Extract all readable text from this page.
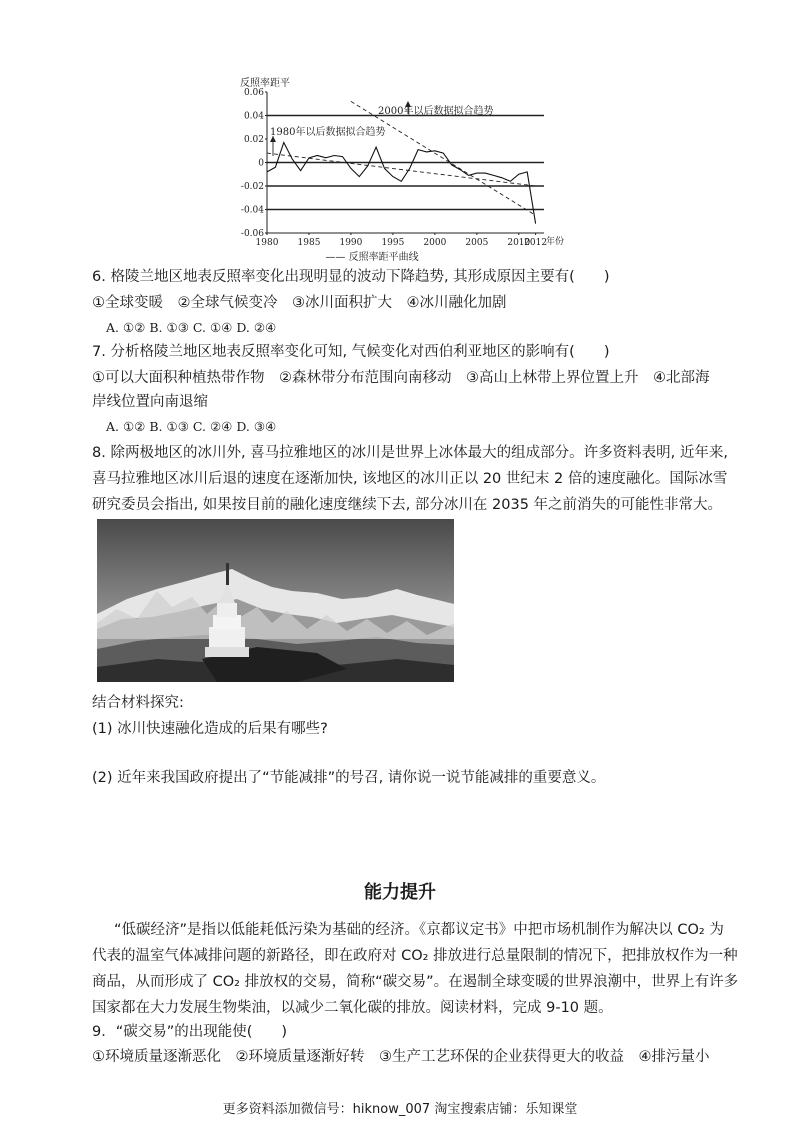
反照率距平
0.06
0.04
0.02
0
-0.02
-0.04
-0.06
1980 1985 1990 1995 2000 2005 2010
2012
年份
2000年以后数据拟合趋势
1980年以后数据拟合趋势
—— 反照率距平曲线
6. 格陵兰地区地表反照率变化出现明显的波动下降趋势, 其形成原因主要有(　　)
①全球变暖　②全球气候变冷　③冰川面积扩大　④冰川融化加剧
A. ①② B. ①③ C. ①④ D. ②④
7. 分析格陵兰地区地表反照率变化可知, 气候变化对西伯利亚地区的影响有(　　)
①可以大面积种植热带作物　②森林带分布范围向南移动　③高山上林带上界位置上升　④北部海
岸线位置向南退缩
A. ①② B. ①③ C. ②④ D. ③④
8. 除两极地区的冰川外, 喜马拉雅地区的冰川是世界上冰体最大的组成部分。许多资料表明, 近年来,
喜马拉雅地区冰川后退的速度在逐渐加快, 该地区的冰川正以 20 世纪末 2 倍的速度融化。国际冰雪
研究委员会指出, 如果按目前的融化速度继续下去, 部分冰川在 2035 年之前消失的可能性非常大。
结合材料探究:
(1) 冰川快速融化造成的后果有哪些?
(2) 近年来我国政府提出了“节能减排”的号召, 请你说一说节能减排的重要意义。
能力提升
“低碳经济”是指以低能耗低污染为基础的经济。《京都议定书》中把市场机制作为解决以 CO₂ 为
代表的温室气体减排问题的新路径，即在政府对 CO₂ 排放进行总量限制的情况下，把排放权作为一种
商品，从而形成了 CO₂ 排放权的交易，简称“碳交易”。在遏制全球变暖的世界浪潮中，世界上有许多
国家都在大力发展生物柴油，以减少二氧化碳的排放。阅读材料，完成 9-10 题。
9．“碳交易”的出现能使(　　)
①环境质量逐渐恶化　②环境质量逐渐好转　③生产工艺环保的企业获得更大的收益　④排污量小
更多资料添加微信号：hiknow_007 淘宝搜索店铺：乐知课堂
